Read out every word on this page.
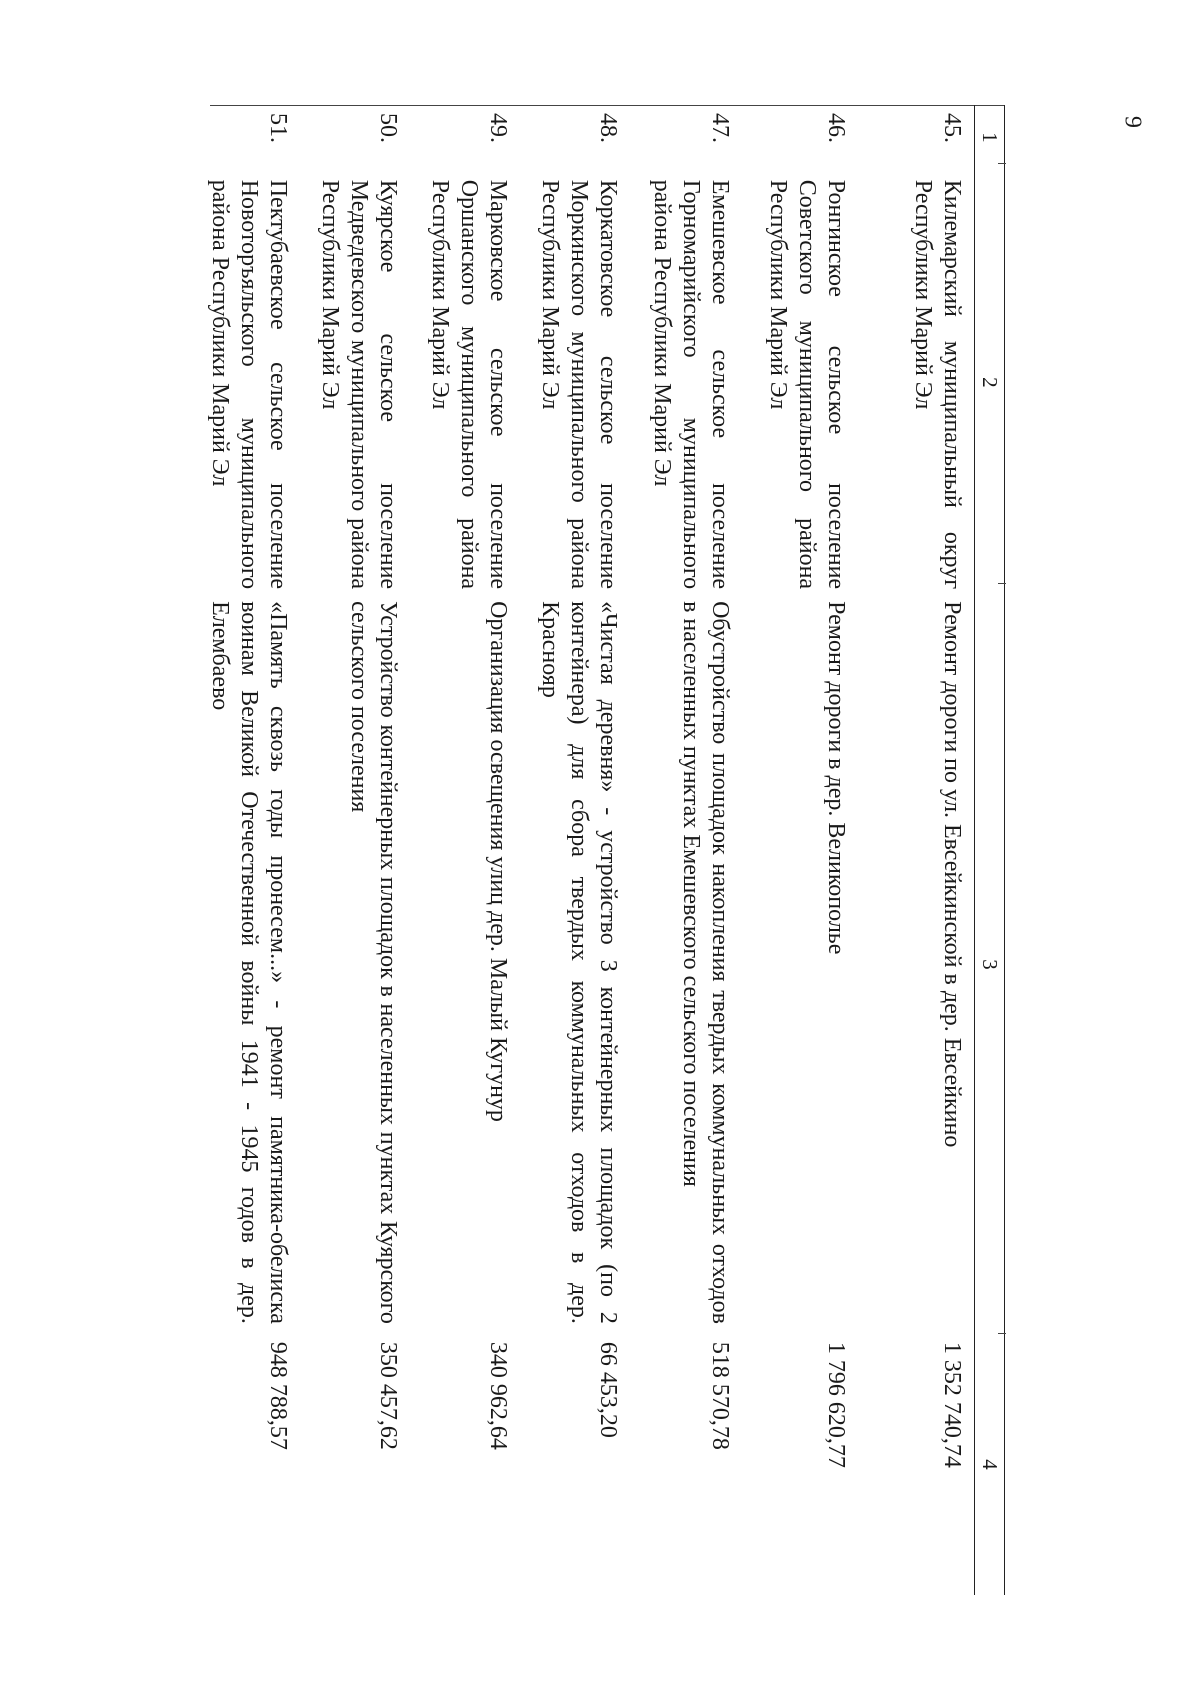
9
1	2	3	4
45.	Килемарский муниципальный округ Республики Марий Эл	Ремонт дороги по ул. Евсейкинской в дер. Евсейкино	1 352 740,74
46.	Ронгинское сельское поселение Советского муниципального района Республики Марий Эл	Ремонт дороги в дер. Великополье	1 796 620,77
47.	Емешевское сельское поселение Горномарийского муниципального района Республики Марий Эл	Обустройство площадок накопления твердых коммунальных отходов в населенных пунктах Емешевского сельского поселения	518 570,78
48.	Коркатовское сельское поселение Моркинского муниципального района Республики Марий Эл	«Чистая деревня» - устройство 3 контейнерных площадок (по 2 контейнера) для сбора твердых коммунальных отходов в дер. Краснояр	66 453,20
49.	Марковское сельское поселение Оршанского муниципального района Республики Марий Эл	Организация освещения улиц дер. Малый Кугунур	340 962,64
50.	Куярское сельское поселение Медведевского муниципального района Республики Марий Эл	Устройство контейнерных площадок в населенных пунктах Куярского сельского поселения	350 457,62
51.	Пектубаевское сельское поселение Новоторъяльского муниципального района Республики Марий Эл	«Память сквозь годы пронесем...» - ремонт памятника-обелиска воинам Великой Отечественной войны 1941 - 1945 годов в дер. Елембаево	948 788,57
